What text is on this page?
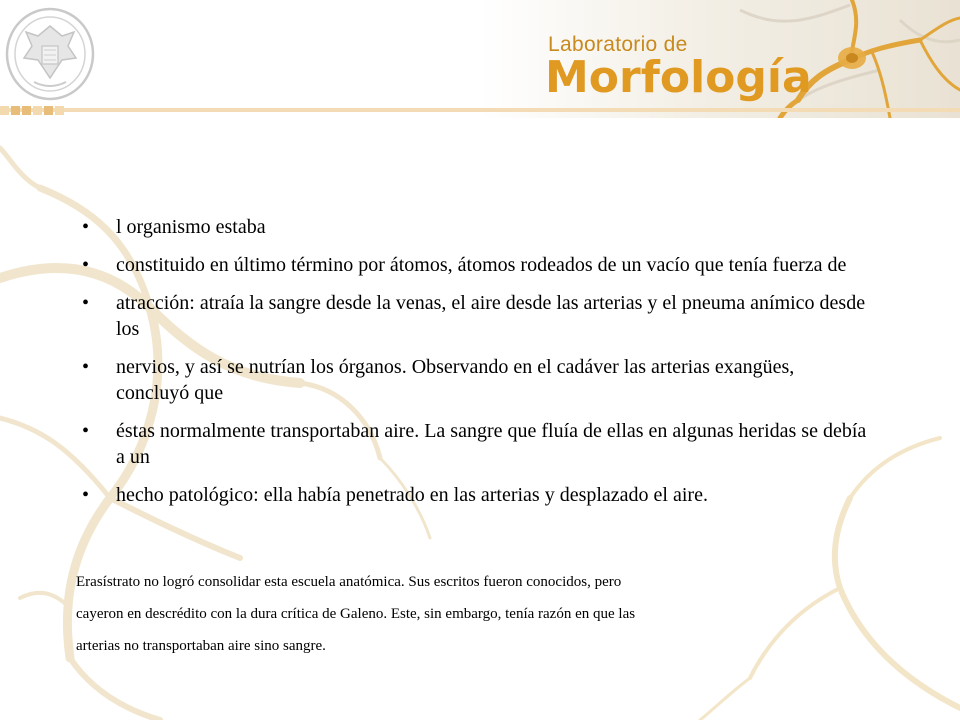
Laboratorio de
Morfología
• l organismo estaba
• constituido en último término por átomos, átomos rodeados de un vacío que tenía fuerza de
• atracción: atraía la sangre desde la venas, el aire desde las arterias y el pneuma anímico desde los
• nervios, y así se nutrían los órganos. Observando en el cadáver las arterias exangües, concluyó que
• éstas normalmente transportaban aire. La sangre que fluía de ellas en algunas heridas se debía a un
• hecho patológico: ella había penetrado en las arterias y desplazado el aire.

Erasístrato no logró consolidar esta escuela anatómica. Sus escritos fueron conocidos, pero

cayeron en descrédito con la dura crítica de Galeno. Este, sin embargo, tenía razón en que las

arterias no transportaban aire sino sangre.
